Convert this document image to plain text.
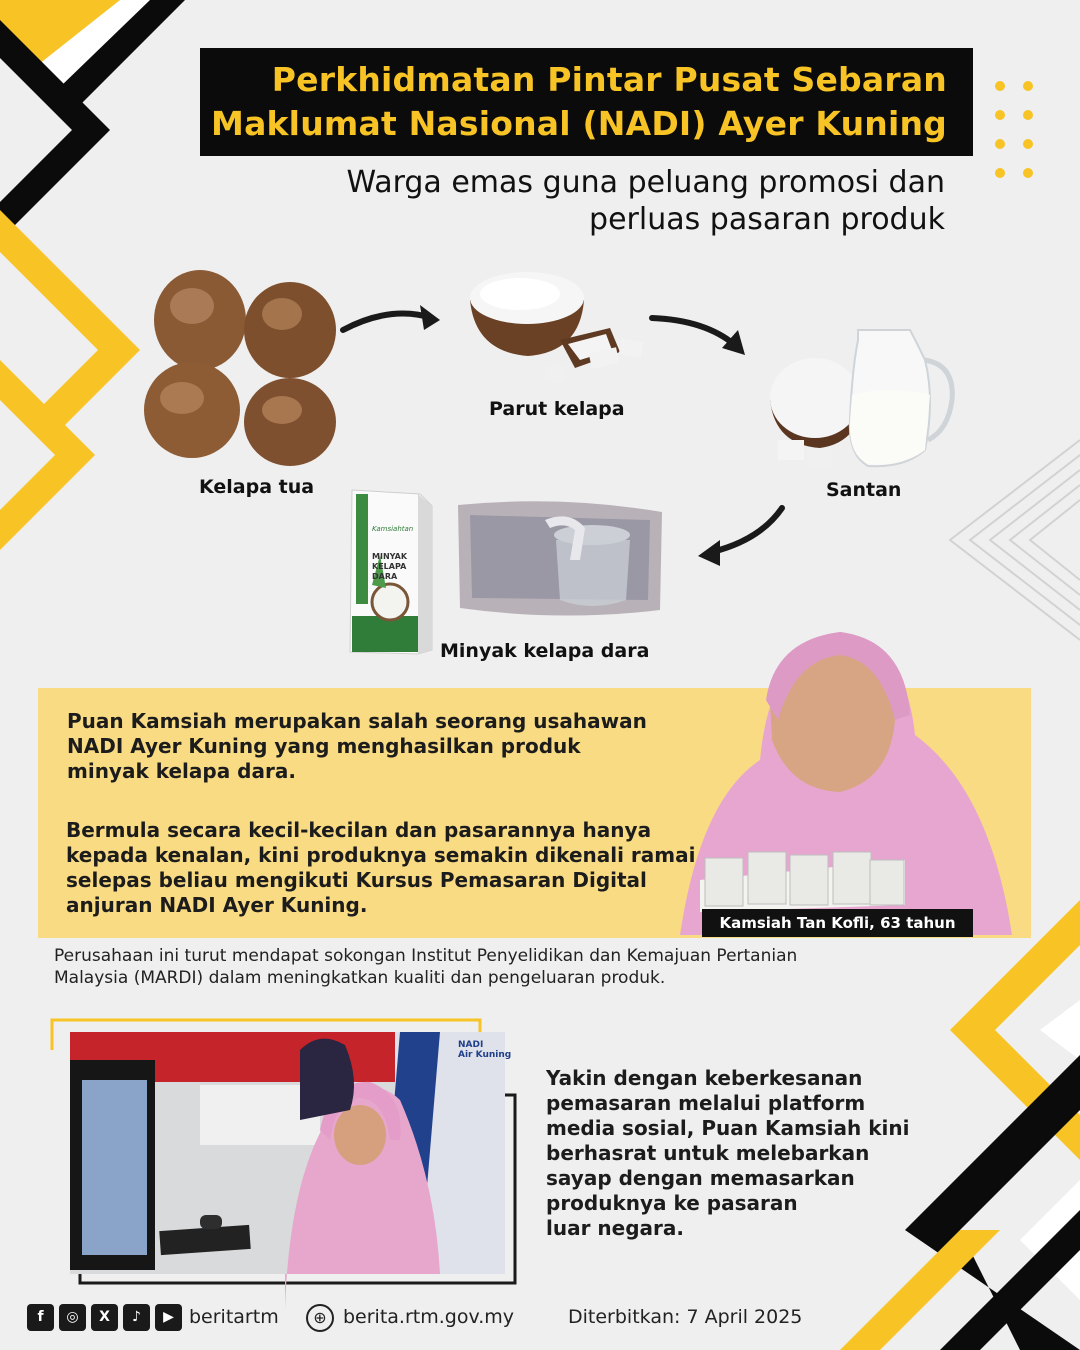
Perkhidmatan Pintar Pusat Sebaran
Maklumat Nasional (NADI) Ayer Kuning
Warga emas guna peluang promosi dan
perluas pasaran produk
Kamsiahtan
MINYAK
KELAPA
DARA
Kelapa tua
Parut kelapa
Santan
Minyak kelapa dara
Puan Kamsiah merupakan salah seorang usahawan
NADI Ayer Kuning yang menghasilkan produk
minyak kelapa dara.
Bermula secara kecil-kecilan dan pasarannya hanya
kepada kenalan, kini produknya semakin dikenali ramai
selepas beliau mengikuti Kursus Pemasaran Digital
anjuran NADI Ayer Kuning.
Kamsiah Tan Kofli, 63 tahun
Perusahaan ini turut mendapat sokongan Institut Penyelidikan dan Kemajuan Pertanian
Malaysia (MARDI) dalam meningkatkan kualiti dan pengeluaran produk.
NADI
Air Kuning
Yakin dengan keberkesanan
pemasaran melalui platform
media sosial, Puan Kamsiah kini
berhasrat untuk melebarkan
sayap dengan memasarkan
produknya ke pasaran
luar negara.
f ◎ X ♪ ▶ beritartm	⊕ berita.rtm.gov.my	Diterbitkan: 7 April 2025
